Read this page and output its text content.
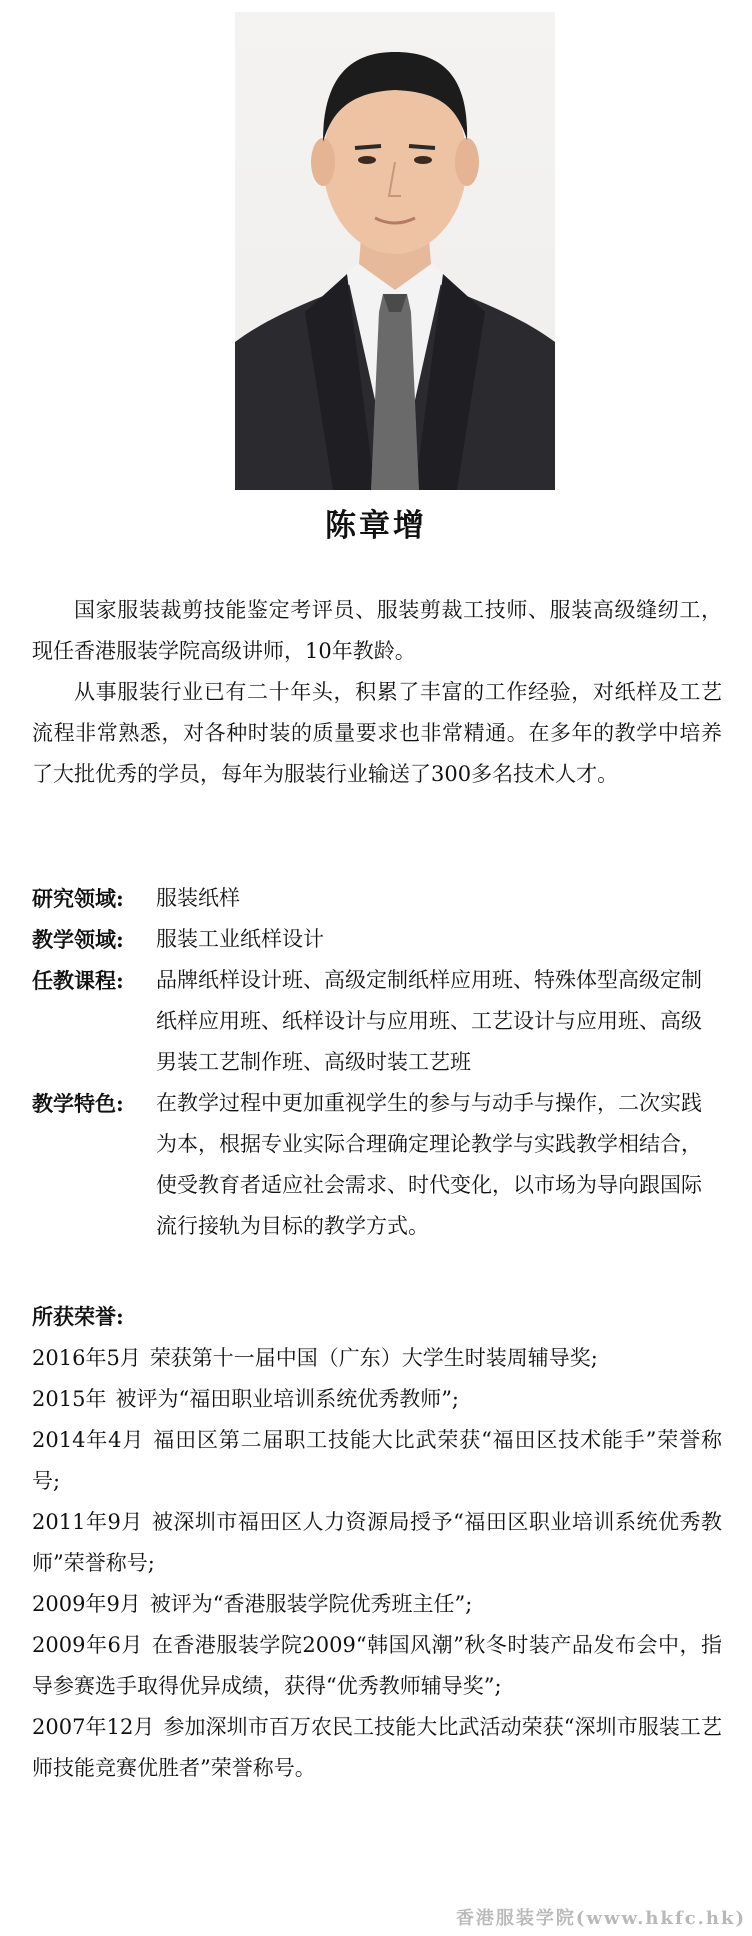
陈章增

国家服装裁剪技能鉴定考评员、服装剪裁工技师、服装高级缝纫工，现任香港服装学院高级讲师，10年教龄。

从事服装行业已有二十年头，积累了丰富的工作经验，对纸样及工艺流程非常熟悉，对各种时装的质量要求也非常精通。在多年的教学中培养了大批优秀的学员，每年为服装行业输送了300多名技术人才。

研究领域:	服装纸样
教学领域:	服装工业纸样设计
任教课程:	品牌纸样设计班、高级定制纸样应用班、特殊体型高级定制纸样应用班、纸样设计与应用班、工艺设计与应用班、高级男装工艺制作班、高级时装工艺班
教学特色:	在教学过程中更加重视学生的参与与动手与操作，二次实践为本，根据专业实际合理确定理论教学与实践教学相结合，使受教育者适应社会需求、时代变化，以市场为导向跟国际流行接轨为目标的教学方式。
所获荣誉:
2016年5月 荣获第十一届中国（广东）大学生时装周辅导奖;
2015年 被评为“福田职业培训系统优秀教师”;
2014年4月 福田区第二届职工技能大比武荣获“福田区技术能手”荣誉称号;
2011年9月 被深圳市福田区人力资源局授予“福田区职业培训系统优秀教师”荣誉称号;
2009年9月 被评为“香港服装学院优秀班主任”;
2009年6月 在香港服装学院2009“韩国风潮”秋冬时装产品发布会中，指导参赛选手取得优异成绩，获得“优秀教师辅导奖”;
2007年12月 参加深圳市百万农民工技能大比武活动荣获“深圳市服装工艺师技能竞赛优胜者”荣誉称号。
香港服装学院(www.hkfc.hk)
